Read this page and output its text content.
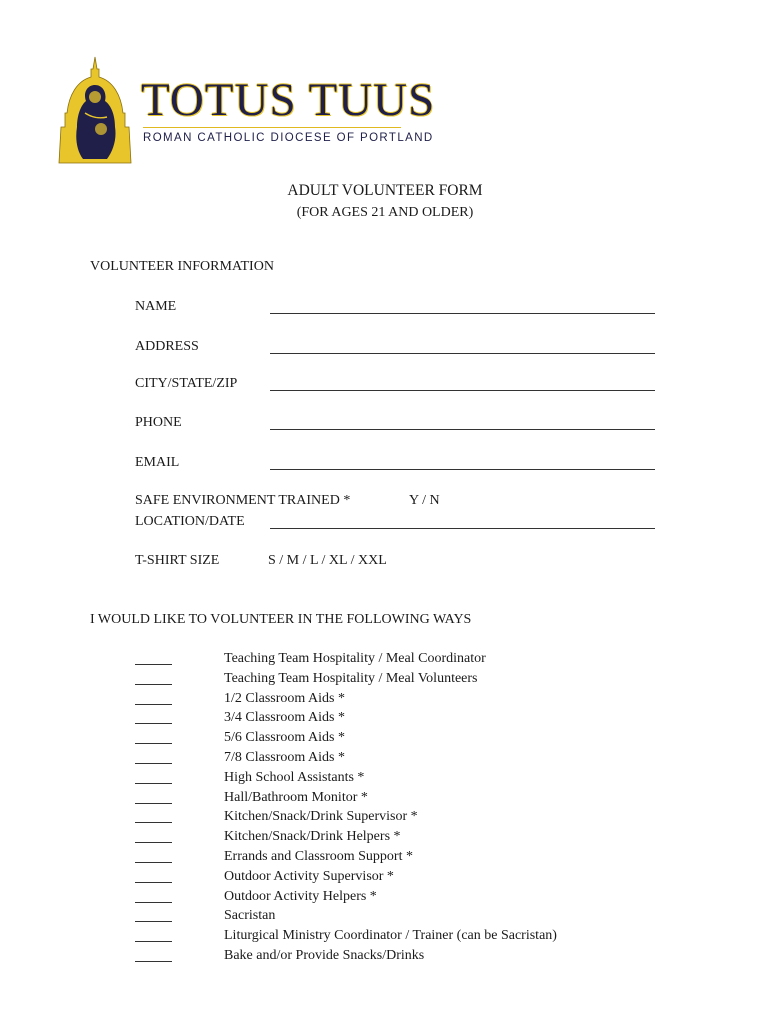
TOTUS TUUS
ROMAN CATHOLIC DIOCESE OF PORTLAND
ADULT VOLUNTEER FORM
(FOR AGES 21 AND OLDER)
VOLUNTEER INFORMATION
NAME
ADDRESS
CITY/STATE/ZIP
PHONE
EMAIL
SAFE ENVIRONMENT TRAINED *	Y / N
LOCATION/DATE
T-SHIRT SIZE	S / M / L / XL / XXL
I WOULD LIKE TO VOLUNTEER IN THE FOLLOWING WAYS
Teaching Team Hospitality / Meal Coordinator
Teaching Team Hospitality / Meal Volunteers
1/2 Classroom Aids *
3/4 Classroom Aids *
5/6 Classroom Aids *
7/8 Classroom Aids *
High School Assistants *
Hall/Bathroom Monitor *
Kitchen/Snack/Drink Supervisor *
Kitchen/Snack/Drink Helpers *
Errands and Classroom Support *
Outdoor Activity Supervisor *
Outdoor Activity Helpers *
Sacristan
Liturgical Ministry Coordinator / Trainer (can be Sacristan)
Bake and/or Provide Snacks/Drinks
